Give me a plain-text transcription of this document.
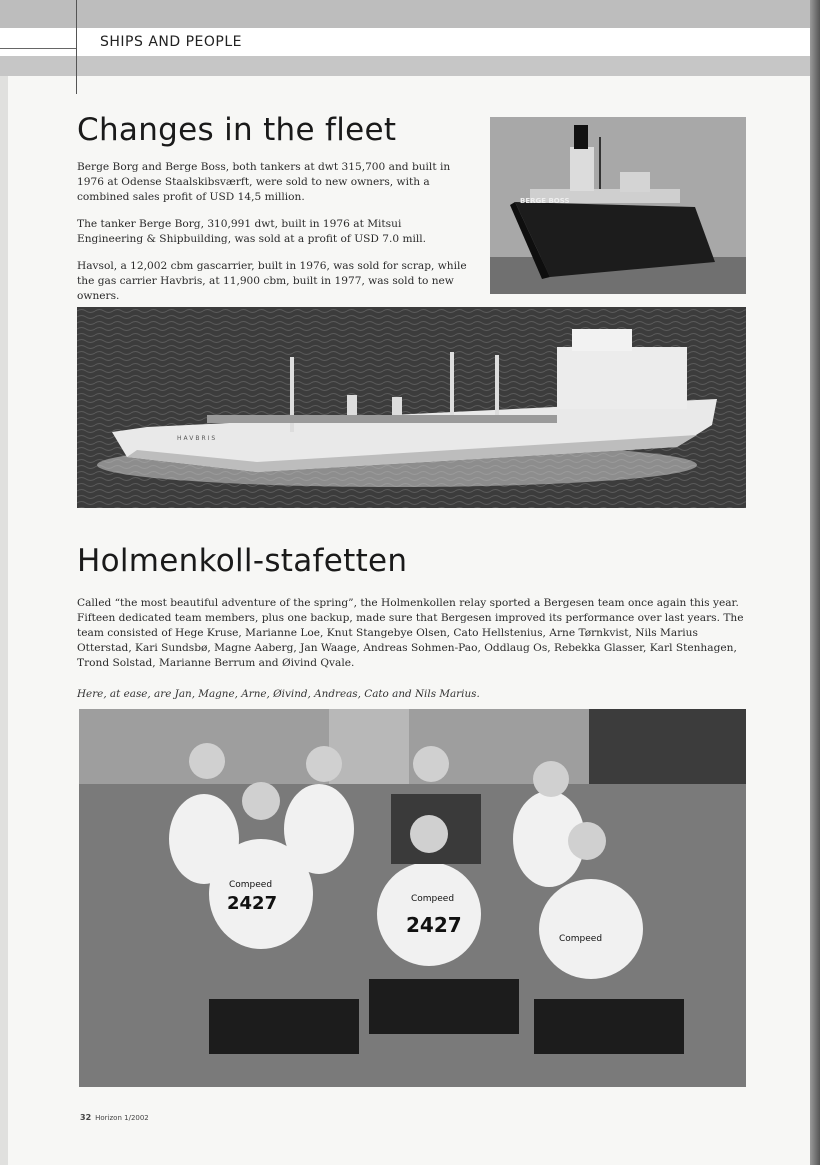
SHIPS AND PEOPLE
Changes in the fleet

Berge Borg and Berge Boss, both tankers at dwt 315,700 and built in 1976 at Odense Staalskibsværft, were sold to new owners, with a combined sales profit of USD 14,5 million.

The tanker Berge Borg, 310,991 dwt, built in 1976 at Mitsui Engineering & Shipbuilding, was sold at a profit of USD 7.0 mill.

Havsol, a 12,002 cbm gascarrier, built in 1976, was sold for scrap, while the gas carrier Havbris, at 11,900 cbm, built in 1977, was sold to new owners.

BERGE BOSS
HAVBRIS
Holmenkoll-stafetten

Called “the most beautiful adventure of the spring”, the Holmenkollen relay sported a Bergesen team once again this year. Fifteen dedicated team members, plus one backup, made sure that Bergesen improved its performance over last years. The team consisted of Hege Kruse, Marianne Loe, Knut Stangebye Olsen, Cato Hellstenius, Arne Tørnkvist, Nils Marius Otterstad, Kari Sundsbø, Magne Aaberg, Jan Waage, Andreas Sohmen-Pao, Oddlaug Os, Rebekka Glasser, Karl Stenhagen, Trond Solstad, Marianne Berrum and Øivind Qvale.

Here, at ease, are Jan, Magne, Arne, Øivind, Andreas, Cato and Nils Marius.
Compeed
2427
Compeed
2427
Compeed
32 Horizon 1/2002
